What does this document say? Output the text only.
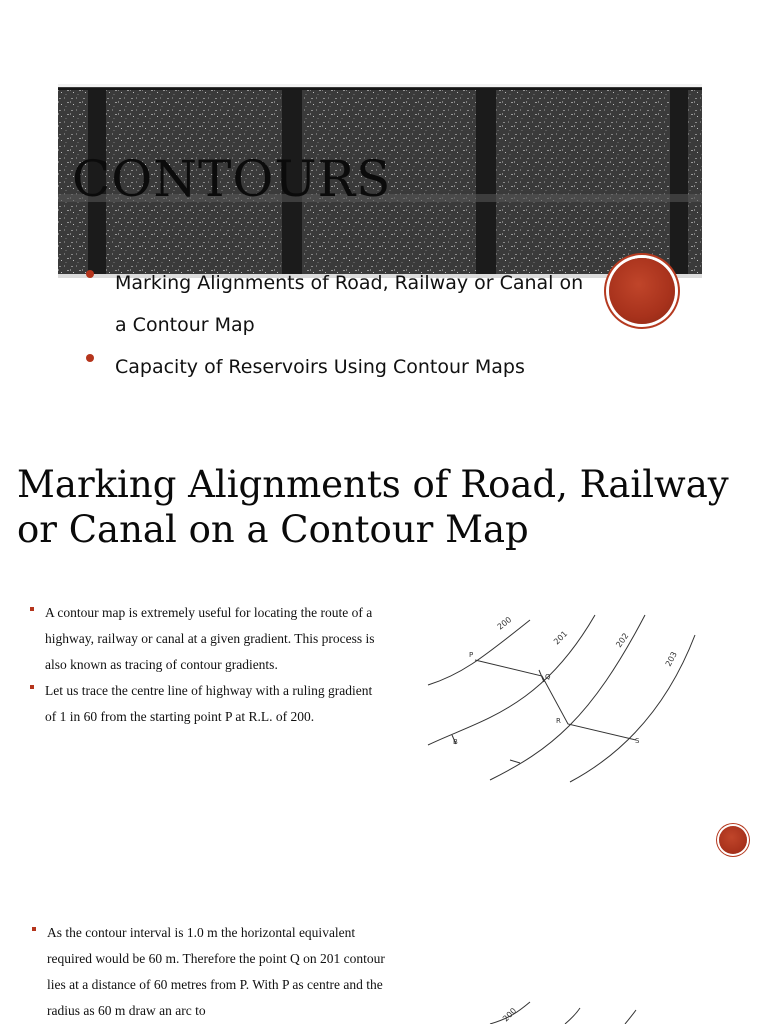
CONTOURS
Marking Alignments of Road, Railway or Canal on a Contour Map
Capacity of Reservoirs Using Contour Maps
Marking Alignments of Road, Railway or Canal on a Contour Map
A contour map is extremely useful for locating the route of a highway, railway or canal at a given gradient. This process is also known as tracing of contour gradients.
Let us trace the centre line of highway with a ruling gradient of 1 in 60 from the starting point P at R.L. of 200.
200
201	202
203
P
Q
R
S
B
As the contour interval is 1.0 m the horizontal equivalent required would be 60 m. Therefore the point Q on 201 contour lies at a distance of 60 metres from P. With P as centre and the radius as 60 m draw an arc to	200
